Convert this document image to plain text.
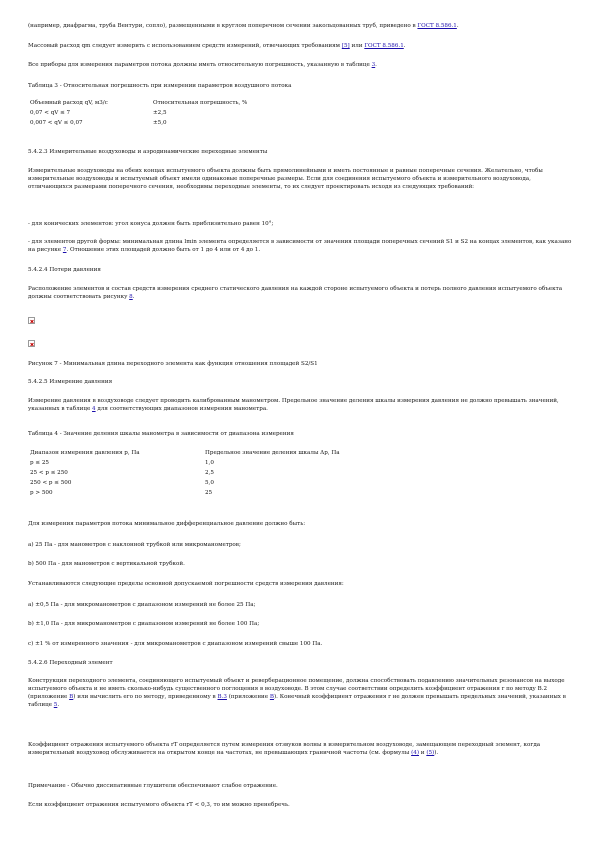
(например, диафрагма, труба Вентури, сопло), размещенными в круглом поперечном сечении закольцованных труб, приведено в ГОСТ 8.586.1.

Массовый расход qm следует измерить с использованием средств измерений, отвечающих требованиям [5] или ГОСТ 8.586.1.

Все приборы для измерения параметров потока должны иметь относительную погрешность, указанную в таблице 3.

Таблица 3 - Относительная погрешность при измерении параметров воздушного потока

Объемный расход qV, м3/с	Относительная погрешность, %
0,07 < qV ≤ 7	±2,5
0,007 < qV ≤ 0,07	±5,0

5.4.2.3 Измерительные воздуховоды и аэродинамические переходные элементы

Измерительные воздуховоды на обеих концах испытуемого объекта должны быть прямолинейными и иметь постоянные и равные поперечные сечения. Желательно, чтобы измерительные воздуховоды и испытуемый объект имели одинаковые поперечные размеры. Если для соединения испытуемого объекта и измерительного воздуховода, отличающихся размерами поперечного сечения, необходимы переходные элементы, то их следует проектировать исходя из следующих требований:

- для конических элементов: угол конуса должен быть приблизительно равен 10°;

- для элементов другой формы: минимальная длина lmin элемента определяется в зависимости от значения площади поперечных сечений S1 и S2 на концах элементов, как указано на рисунке 7. Отношение этих площадей должно быть от 1 до 4 или от 4 до 1.

5.4.2.4 Потери давления

Расположение элементов и состав средств измерения среднего статического давления на каждой стороне испытуемого объекта и потерь полного давления испытуемого объекта должны соответствовать рисунку 8.

Рисунок 7 - Минимальная длина переходного элемента как функция отношения площадей S2/S1

5.4.2.5 Измерение давления

Измерение давления в воздуховоде следует проводить калиброванным манометром. Предельное значение деления шкалы измерения давления не должно превышать значений, указанных в таблице 4 для соответствующих диапазонов измерения манометра.

Таблица 4 - Значение деления шкалы манометра в зависимости от диапазона измерения

Диапазон измерения давления p, Па	Предельное значение деления шкалы Δp, Па
p ≤ 25	1,0
25 < p ≤ 250	2,5
250 < p ≤ 500	5,0
p > 500	25

Для измерения параметров потока минимальное дифференциальное давление должно быть:

a) 25 Па - для манометров с наклонной трубкой или микроманометров;

b) 500 Па - для манометров с вертикальной трубкой.

Устанавливаются следующие пределы основной допускаемой погрешности средств измерения давления:

a) ±0,5 Па - для микроманометров с диапазоном измерений не более 25 Па;

b) ±1,0 Па - для микроманометров с диапазоном измерений не более 100 Па;

c) ±1 % от измеренного значения - для микроманометров с диапазоном измерений свыше 100 Па.

5.4.2.6 Переходный элемент

Конструкция переходного элемента, соединяющего испытуемый объект и реверберационное помещение, должна способствовать подавлению значительных резонансов на выходе испытуемого объекта и не иметь сколько-нибудь существенного поглощения в воздуховоде. В этом случае соответствии определить коэффициент отражения r по методу В.2 (приложение В) или вычислить его по методу, приведенному в В.3 (приложение В). Конечный коэффициент отражения r не должен превышать предельных значений, указанных в таблице 5.

Коэффициент отражения испытуемого объекта rT определяется путем измерения отзвуков волны в измерительном воздуховоде, замещающем переходный элемент, когда измерительный воздуховод обслуживается на открытом конце на частотах, не превышающих граничной частоты (см. формулы (4) и (5)).

Примечание - Обычно диссипативные глушители обеспечивают слабое отражение.

Если коэффициент отражения испытуемого объекта rT < 0,3, то им можно пренебречь.
